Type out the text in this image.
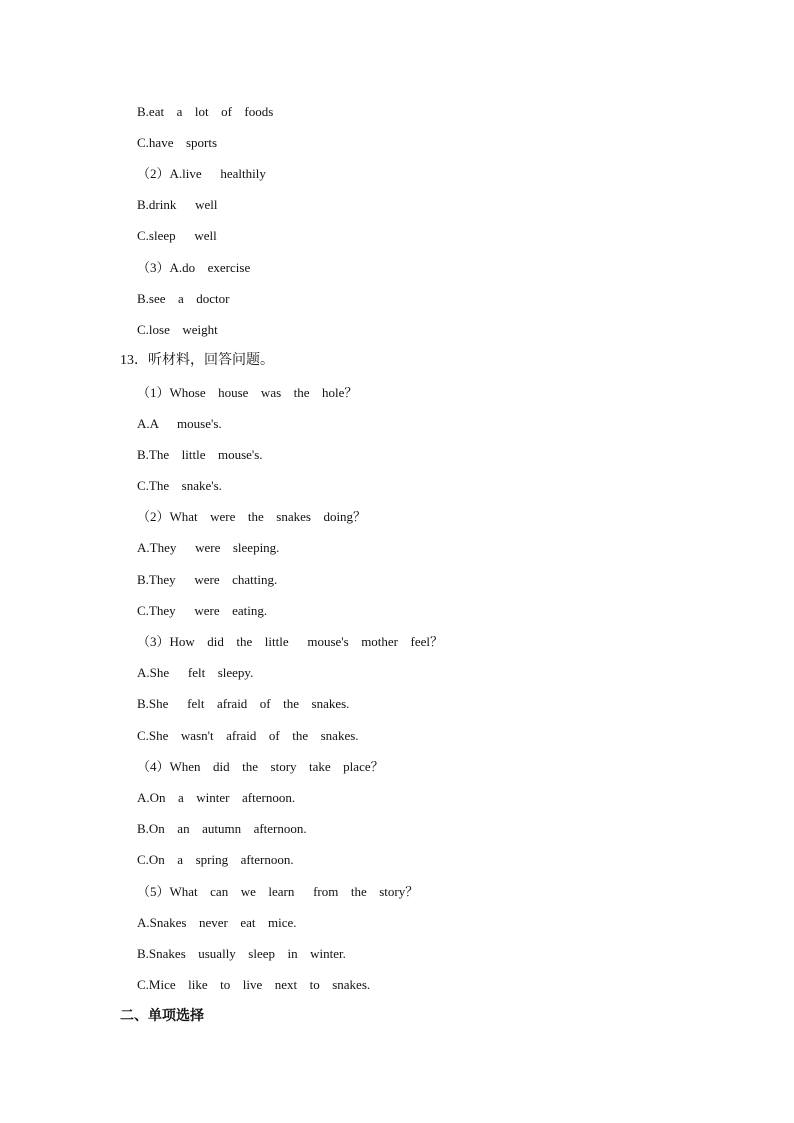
B.eat  a  lot  of  foods
C.have  sports
（2）A.live   healthily
B.drink   well
C.sleep   well
（3）A.do  exercise
B.see  a  doctor
C.lose  weight
13．听材料，回答问题。
（1）Whose  house  was  the  hole？
A.A   mouse's.
B.The  little  mouse's.
C.The  snake's.
（2）What  were  the  snakes  doing？
A.They   were  sleeping.
B.They   were  chatting.
C.They   were  eating.
（3）How  did  the  little   mouse's  mother  feel？
A.She   felt  sleepy.
B.She   felt  afraid  of  the  snakes.
C.She  wasn't  afraid  of  the  snakes.
（4）When  did  the  story  take  place？
A.On  a  winter  afternoon.
B.On  an  autumn  afternoon.
C.On  a  spring  afternoon.
（5）What  can  we  learn   from  the  story？
A.Snakes  never  eat  mice.
B.Snakes  usually  sleep  in  winter.
C.Mice  like  to  live  next  to  snakes.
二、单项选择
